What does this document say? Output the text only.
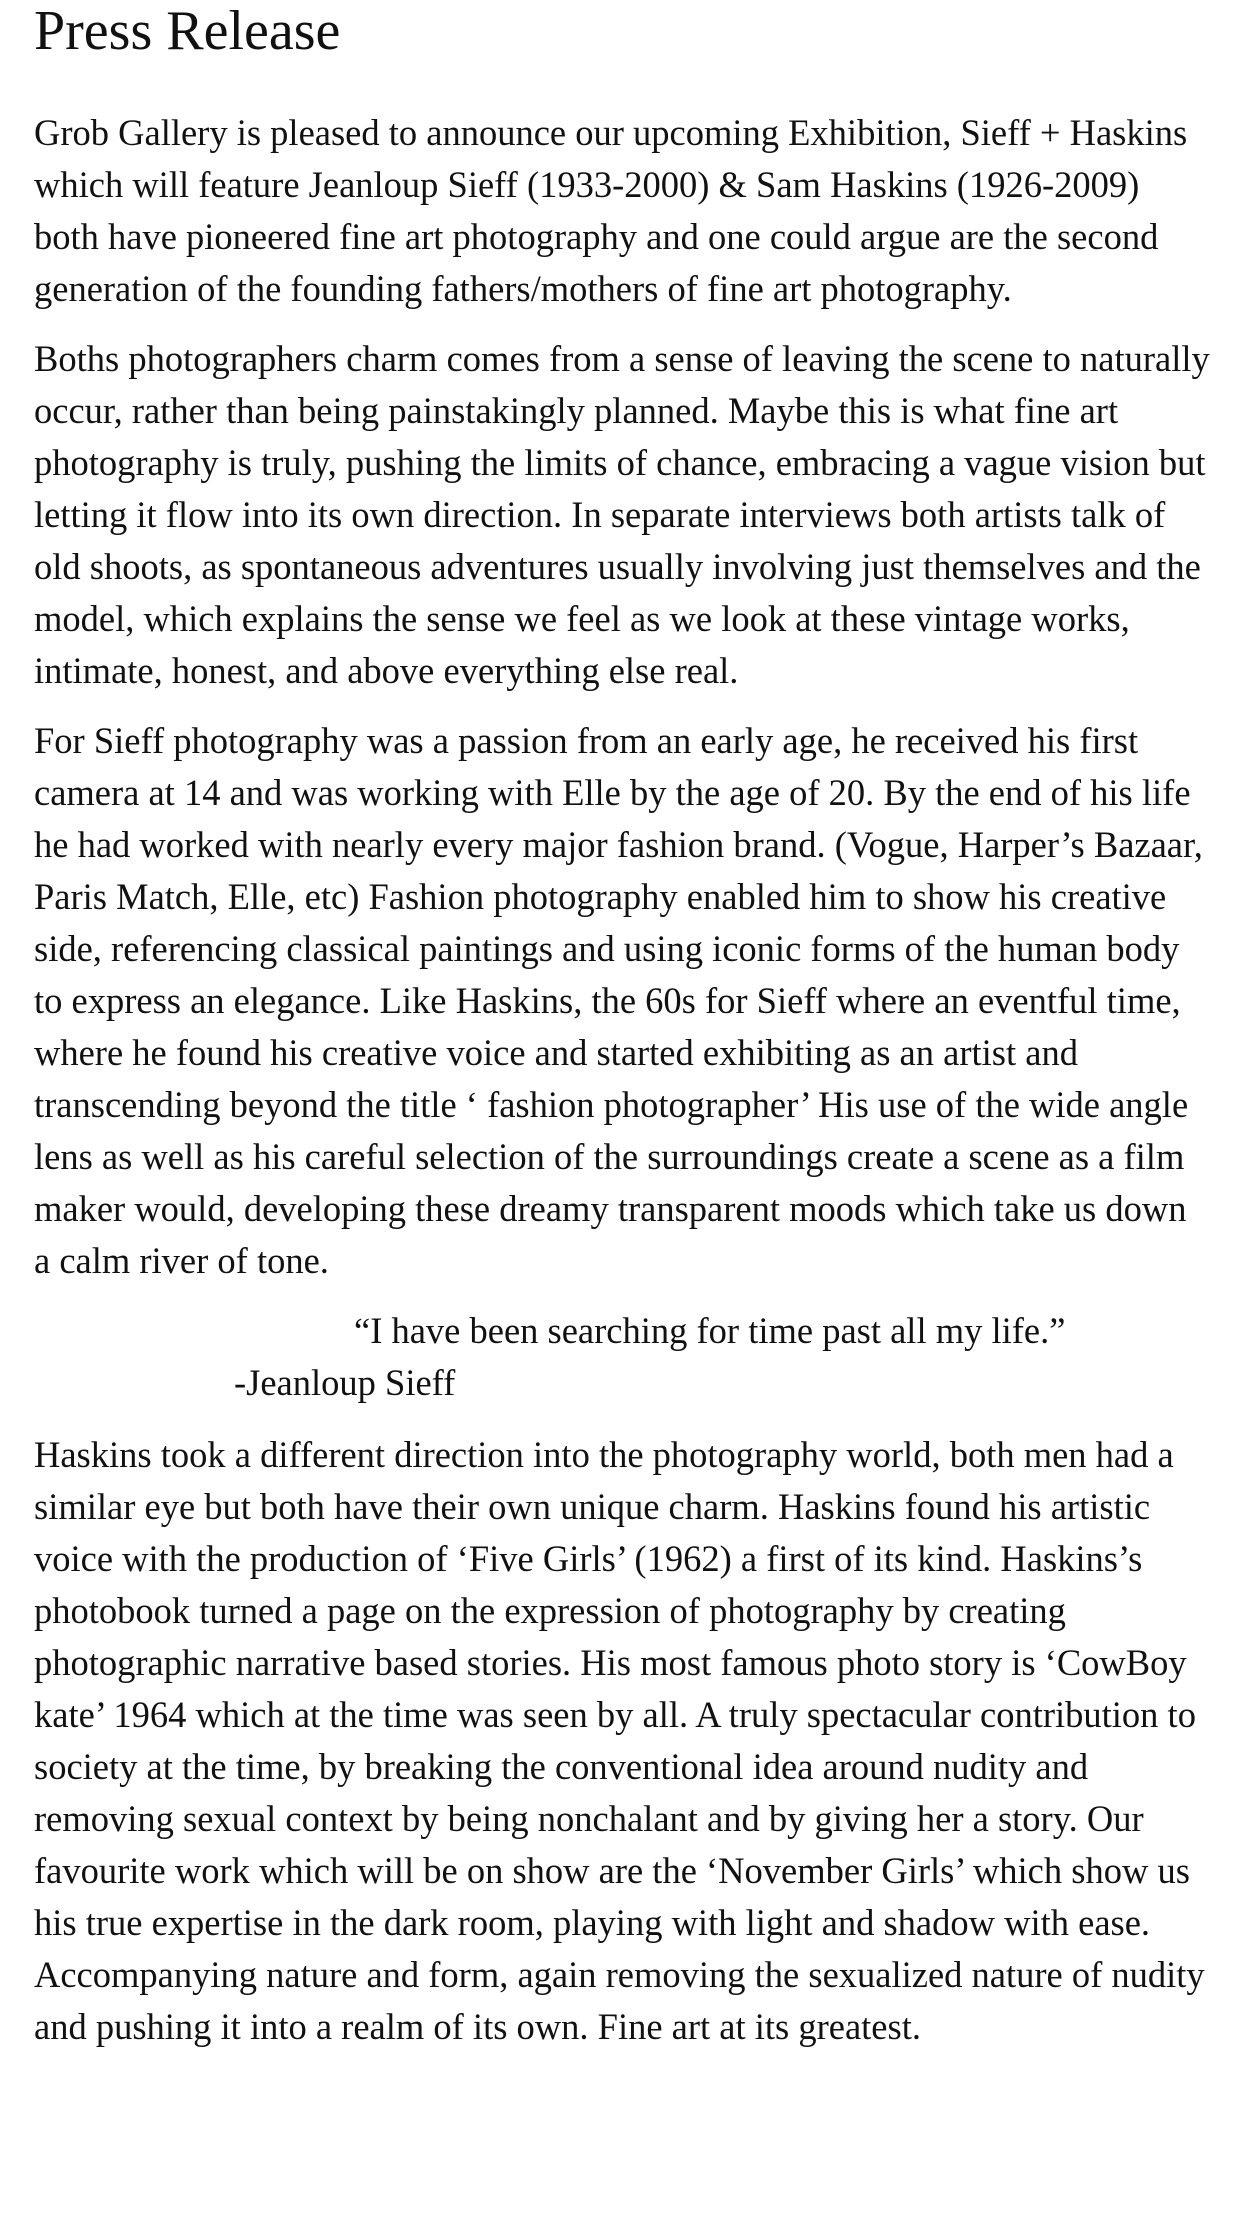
Press Release

Grob Gallery is pleased to announce our upcoming Exhibition, Sieff + Haskins which will feature Jeanloup Sieff (1933-2000) & Sam Haskins (1926-2009) both have pioneered fine art photography and one could argue are the second generation of the founding fathers/mothers of fine art photography.

Boths photographers charm comes from a sense of leaving the scene to naturally occur, rather than being painstakingly planned. Maybe this is what fine art photography is truly, pushing the limits of chance, embracing a vague vision but letting it flow into its own direction. In separate interviews both artists talk of old shoots, as spontaneous adventures usually involving just themselves and the model, which explains the sense we feel as we look at these vintage works, intimate, honest, and above everything else real.

For Sieff photography was a passion from an early age, he received his first camera at 14 and was working with Elle by the age of 20. By the end of his life he had worked with nearly every major fashion brand. (Vogue, Harper’s Bazaar, Paris Match, Elle, etc) Fashion photography enabled him to show his creative side, referencing classical paintings and using iconic forms of the human body to express an elegance. Like Haskins, the 60s for Sieff where an eventful time, where he found his creative voice and started exhibiting as an artist and transcending beyond the title ‘ fashion photographer’ His use of the wide angle lens as well as his careful selection of the surroundings create a scene as a film maker would, developing these dreamy transparent moods which take us down a calm river of tone.

“I have been searching for time past all my life.”
-Jeanloup Sieff

Haskins took a different direction into the photography world, both men had a similar eye but both have their own unique charm. Haskins found his artistic voice with the production of ‘Five Girls’ (1962) a first of its kind. Haskins’s photobook turned a page on the expression of photography by creating photographic narrative based stories. His most famous photo story is ‘CowBoy kate’ 1964 which at the time was seen by all. A truly spectacular contribution to society at the time, by breaking the conventional idea around nudity and removing sexual context by being nonchalant and by giving her a story. Our favourite work which will be on show are the ‘November Girls’ which show us his true expertise in the dark room, playing with light and shadow with ease. Accompanying nature and form, again removing the sexualized nature of nudity and pushing it into a realm of its own. Fine art at its greatest.
